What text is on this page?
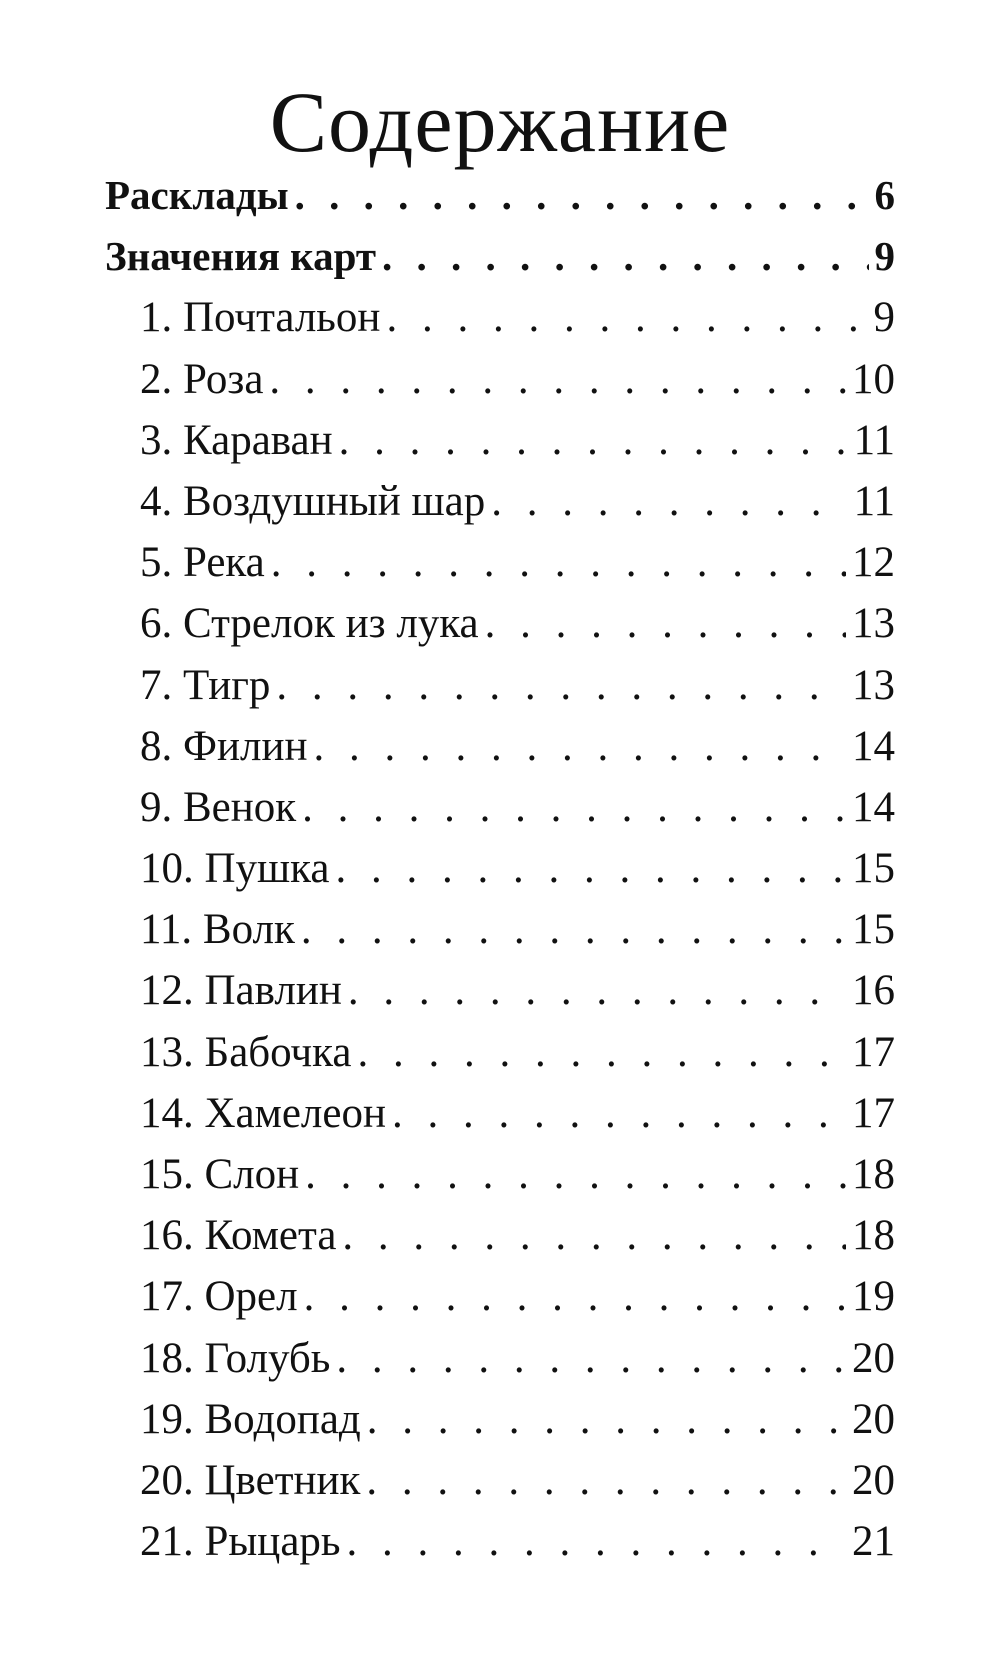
Содержание
Расклады . . .	6
Значения карт . . .	9
1. Почтальон . . .	9
2. Роза . . .	10
3. Караван . . .	11
4. Воздушный шар . . .	11
5. Река . . .	12
6. Стрелок из лука . . .	13
7. Тигр . . .	13
8. Филин . . .	14
9. Венок . . .	14
10. Пушка . . .	15
11. Волк . . .	15
12. Павлин . . .	16
13. Бабочка . . .	17
14. Хамелеон . . .	17
15. Слон . . .	18
16. Комета . . .	18
17. Орел . . .	19
18. Голубь . . .	20
19. Водопад . . .	20
20. Цветник . . .	20
21. Рыцарь . . .	21
